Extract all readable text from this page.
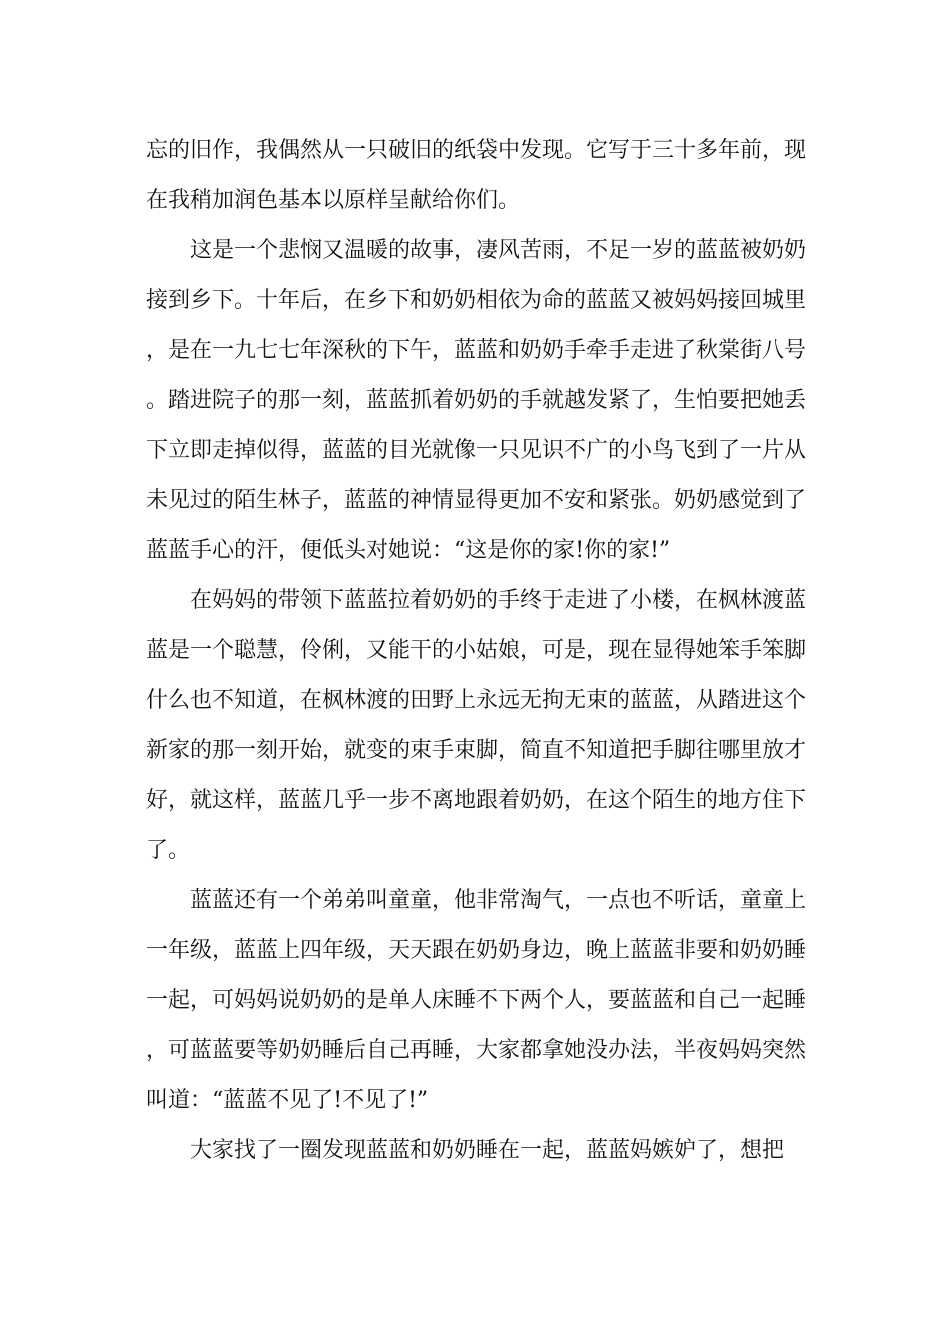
忘的旧作，我偶然从一只破旧的纸袋中发现。它写于三十多年前，现在我稍加润色基本以原样呈献给你们。

这是一个悲悯又温暖的故事，凄风苦雨，不足一岁的蓝蓝被奶奶接到乡下。十年后，在乡下和奶奶相依为命的蓝蓝又被妈妈接回城里，是在一九七七年深秋的下午，蓝蓝和奶奶手牵手走进了秋棠街八号。踏进院子的那一刻，蓝蓝抓着奶奶的手就越发紧了，生怕要把她丢下立即走掉似得，蓝蓝的目光就像一只见识不广的小鸟飞到了一片从未见过的陌生林子，蓝蓝的神情显得更加不安和紧张。奶奶感觉到了蓝蓝手心的汗，便低头对她说：“这是你的家!你的家!”

在妈妈的带领下蓝蓝拉着奶奶的手终于走进了小楼，在枫林渡蓝蓝是一个聪慧，伶俐，又能干的小姑娘，可是，现在显得她笨手笨脚什么也不知道，在枫林渡的田野上永远无拘无束的蓝蓝，从踏进这个新家的那一刻开始，就变的束手束脚，简直不知道把手脚往哪里放才好，就这样，蓝蓝几乎一步不离地跟着奶奶，在这个陌生的地方住下了。

蓝蓝还有一个弟弟叫童童，他非常淘气，一点也不听话，童童上一年级，蓝蓝上四年级，天天跟在奶奶身边，晚上蓝蓝非要和奶奶睡一起，可妈妈说奶奶的是单人床睡不下两个人，要蓝蓝和自己一起睡，可蓝蓝要等奶奶睡后自己再睡，大家都拿她没办法，半夜妈妈突然叫道：“蓝蓝不见了!不见了!”

大家找了一圈发现蓝蓝和奶奶睡在一起，蓝蓝妈嫉妒了，想把
